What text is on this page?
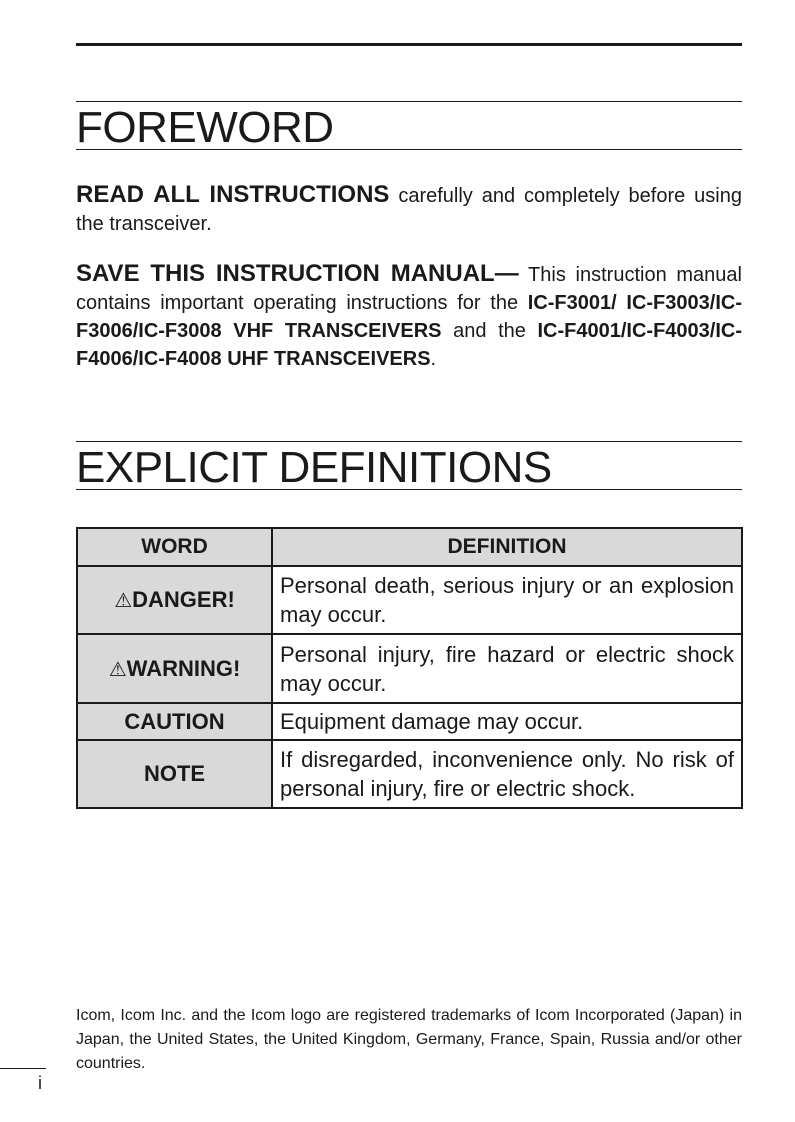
FOREWORD

READ ALL INSTRUCTIONS carefully and completely before using the transceiver.

SAVE THIS INSTRUCTION MANUAL— This instruction manual contains important operating instructions for the IC-F3001/ IC-F3003/IC-F3006/IC-F3008 VHF TRANSCEIVERS and the IC-F4001/IC-F4003/IC-F4006/IC-F4008 UHF TRANSCEIVERS.

EXPLICIT DEFINITIONS
WORD	DEFINITION
⚠DANGER!	Personal death, serious injury or an explosion may occur.
⚠WARNING!	Personal injury, fire hazard or electric shock may occur.
CAUTION	Equipment damage may occur.
NOTE	If disregarded, inconvenience only. No risk of personal injury, fire or electric shock.

Icom, Icom Inc. and the Icom logo are registered trademarks of Icom Incorporated (Japan) in Japan, the United States, the United Kingdom, Germany, France, Spain, Russia and/or other countries.

i
